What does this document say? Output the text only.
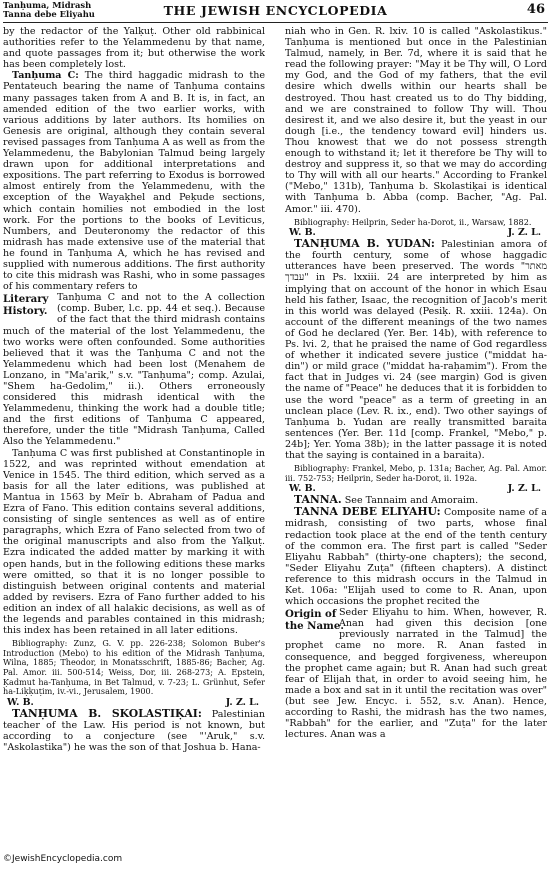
Tanḥuma, Midrash
Tanna debe Eliyahu	THE JEWISH ENCYCLOPEDIA	46

by the redactor of the Yalḳuṭ. Other old rabbinical authorities refer to the Yelammedenu by that name, and quote passages from it; but otherwise the work has been completely lost.

Tanḥuma C: The third haggadic midrash to the Pentateuch bearing the name of Tanḥuma contains many passages taken from A and B. It is, in fact, an amended edition of the two earlier works, with various additions by later authors. Its homilies on Genesis are original, although they contain several revised passages from Tanḥuma A as well as from the Yelammedenu, the Babylonian Talmud being largely drawn upon for additional interpretations and expositions. The part referring to Exodus is borrowed almost entirely from the Yelammedenu, with the exception of the Wayaḳhel and Peḳude sections, which contain homilies not embodied in the lost work. For the portions to the books of Leviticus, Numbers, and Deuteronomy the redactor of this midrash has made extensive use of the material that he found in Tanḥuma A, which he has revised and supplied with numerous additions. The first authority to cite this midrash was Rashi, who in some passages of his commentary refers to

Literary
History.

Tanḥuma C and not to the A collection (comp. Buber, l.c. pp. 44 et seq.). Because of the fact that the third midrash contains much of the material of the lost Yelammedenu, the two works were often confounded. Some authorities believed that it was the Tanḥuma C and not the Yelammedenu which had been lost (Menahem de Lonzano, in "Ma'arik," s.v. "Tanḥuma"; comp. Azulai, "Shem ha-Gedolim," ii.). Others erroneously considered this midrash identical with the Yelammedenu, thinking the work had a double title; and the first editions of Tanḥuma C appeared, therefore, under the title "Midrash Tanḥuma, Called Also the Yelammedenu."

Tanḥuma C was first published at Constantinople in 1522, and was reprinted without emendation at Venice in 1545. The third edition, which served as a basis for all the later editions, was published at Mantua in 1563 by Meïr b. Abraham of Padua and Ezra of Fano. This edition contains several additions, consisting of single sentences as well as of entire paragraphs, which Ezra of Fano selected from two of the original manuscripts and also from the Yalḳuṭ. Ezra indicated the added matter by marking it with open hands, but in the following editions these marks were omitted, so that it is no longer possible to distinguish between original contents and material added by revisers. Ezra of Fano further added to his edition an index of all halakic decisions, as well as of the legends and parables contained in this midrash; this index has been retained in all later editions.

Bibliography: Zunz, G. V. pp. 226-238; Solomon Buber's Introduction (Mebo) to his edition of the Midrash Tanḥuma, Wilna, 1885; Theodor, in Monatsschrift, 1885-86; Bacher, Ag. Pal. Amor. iii. 500-514; Weiss, Dor, iii. 268-273; A. Epstein, Ḳadmut ha-Tanḥuma, in Bet Talmud, v. 7-23; L. Grünhut, Sefer ha-Liḳḳuṭim, iv.-vi., Jerusalem, 1900.

W. B.	J. Z. L.

TANḤUMA B. SKOLASTIḲAI: Palestinian teacher of the Law. His period is not known, but according to a conjecture (see "'Aruk," s.v. "Askolastika") he was the son of that Joshua b. Hana-

niah who in Gen. R. lxiv. 10 is called "Askolastikus." Tanḥuma is mentioned but once in the Palestinian Talmud, namely, in Ber. 7d, where it is said that he read the following prayer: "May it be Thy will, O Lord my God, and the God of my fathers, that the evil desire which dwells within our hearts shall be destroyed. Thou hast created us to do Thy bidding, and we are constrained to follow Thy will. Thou desirest it, and we also desire it, but the yeast in our dough [i.e., the tendency toward evil] hinders us. Thou knowest that we do not possess strength enough to withstand it; let it therefore be Thy will to destroy and suppress it, so that we may do according to Thy will with all our hearts." According to Frankel ("Mebo," 131b), Tanḥuma b. Skolastiḳai is identical with Tanḥuma b. Abba (comp. Bacher, "Ag. Pal. Amor." iii. 470).

Bibliography: Heilprin, Seder ha-Dorot, ii., Warsaw, 1882.

W. B.	J. Z. L.

TANḤUMA B. YUDAN: Palestinian amora of the fourth century, some of whose haggadic utterances have been preserved. The words "מאתר עבדך" in Ps. lxxiii. 24 are interpreted by him as implying that on account of the honor in which Esau held his father, Isaac, the recognition of Jacob's merit in this world was delayed (Pesiḳ. R. xxiii. 124a). On account of the different meanings of the two names of God he declared (Yer. Ber. 14b), with reference to Ps. lvi. 2, that he praised the name of God regardless of whether it indicated severe justice ("middat ha-din") or mild grace ("middat ha-raḥamim"). From the fact that in Judges vi. 24 (see margin) God is given the name of "Peace" he deduces that it is forbidden to use the word "peace" as a term of greeting in an unclean place (Lev. R. ix., end). Two other sayings of Tanḥuma b. Yudan are really transmitted baraita sentences (Yer. Ber. 11d [comp. Frankel, "Mebo," p. 24b]; Yer. Yoma 38b); in the latter passage it is noted that the saying is contained in a baraita).

Bibliography: Frankel, Mebo, p. 131a; Bacher, Ag. Pal. Amor. iii. 752-753; Heilprin, Seder ha-Dorot, ii. 192a.

W. B.	J. Z. L.

TANNA. See Tannaim and Amoraim.

TANNA DEBE ELIYAHU: Composite name of a midrash, consisting of two parts, whose final redaction took place at the end of the tenth century of the common era. The first part is called "Seder Eliyahu Rabbah" (thirty-one chapters); the second, "Seder Eliyahu Zuṭa" (fifteen chapters). A distinct reference to this midrash occurs in the Talmud in Ket. 106a: "Elijah used to come to R. Anan, upon which occasions the prophet recited the

Origin of
the Name.

Seder Eliyahu to him. When, however, R. Anan had given this decision [one previously narrated in the Talmud] the prophet came no more. R. Anan fasted in consequence, and begged forgiveness, whereupon the prophet came again; but R. Anan had such great fear of Elijah that, in order to avoid seeing him, he made a box and sat in it until the recitation was over" (but see Jew. Encyc. i. 552, s.v. Anan). Hence, according to Rashi, the midrash has the two names, "Rabbah" for the earlier, and "Zuṭa" for the later lectures. Anan was a

©JewishEncyclopedia.com
